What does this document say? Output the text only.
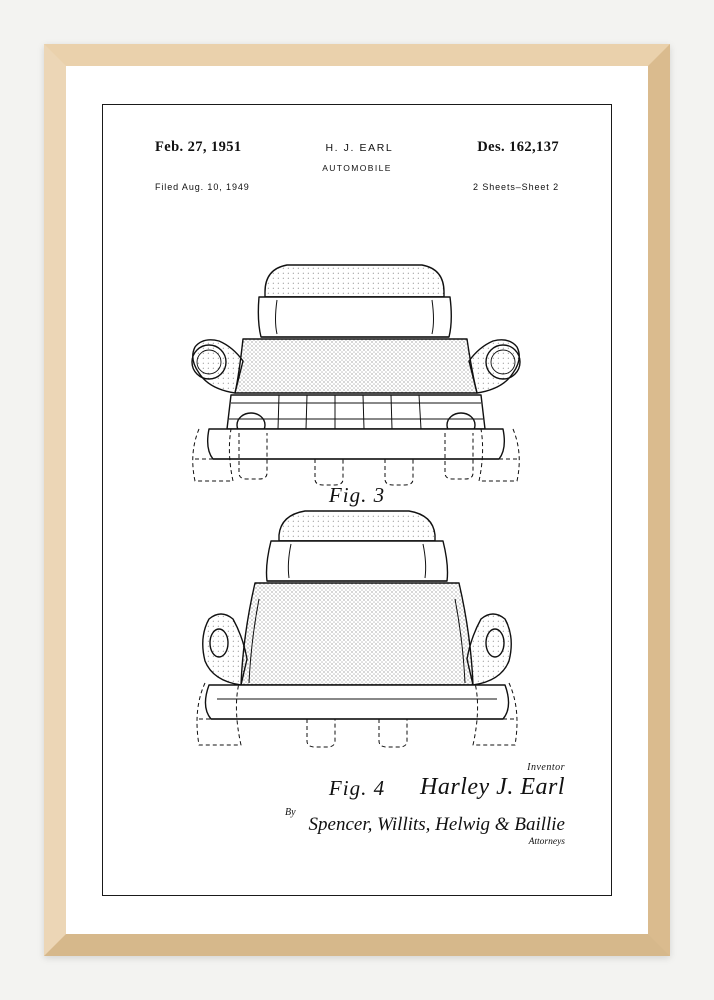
Feb. 27, 1951	H. J. EARL	Des. 162,137
AUTOMOBILE
Filed Aug. 10, 1949	2 Sheets–Sheet 2
Fig. 3
Fig. 4
Inventor
Harley J. Earl
By
Spencer, Willits, Helwig & Baillie
Attorneys
